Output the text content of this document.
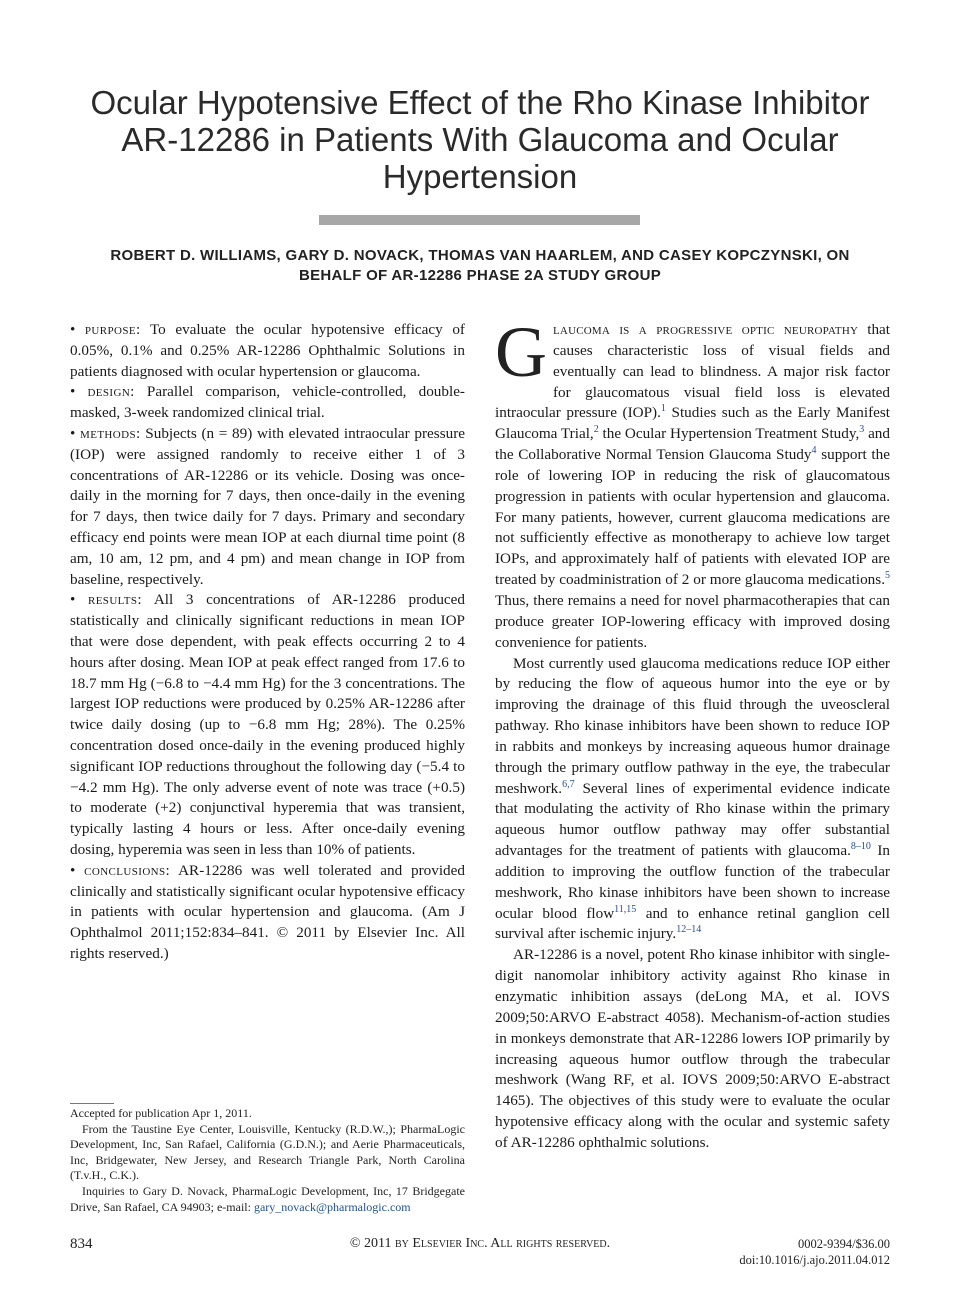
Ocular Hypotensive Effect of the Rho Kinase Inhibitor AR-12286 in Patients With Glaucoma and Ocular Hypertension
ROBERT D. WILLIAMS, GARY D. NOVACK, THOMAS VAN HAARLEM, AND CASEY KOPCZYNSKI, ON BEHALF OF AR-12286 PHASE 2A STUDY GROUP

• purpose: To evaluate the ocular hypotensive efficacy of 0.05%, 0.1% and 0.25% AR-12286 Ophthalmic Solutions in patients diagnosed with ocular hypertension or glaucoma.

• design: Parallel comparison, vehicle-controlled, double-masked, 3-week randomized clinical trial.

• methods: Subjects (n = 89) with elevated intraocular pressure (IOP) were assigned randomly to receive either 1 of 3 concentrations of AR-12286 or its vehicle. Dosing was once-daily in the morning for 7 days, then once-daily in the evening for 7 days, then twice daily for 7 days. Primary and secondary efficacy end points were mean IOP at each diurnal time point (8 am, 10 am, 12 pm, and 4 pm) and mean change in IOP from baseline, respectively.

• results: All 3 concentrations of AR-12286 produced statistically and clinically significant reductions in mean IOP that were dose dependent, with peak effects occurring 2 to 4 hours after dosing. Mean IOP at peak effect ranged from 17.6 to 18.7 mm Hg (−6.8 to −4.4 mm Hg) for the 3 concentrations. The largest IOP reductions were produced by 0.25% AR-12286 after twice daily dosing (up to −6.8 mm Hg; 28%). The 0.25% concentration dosed once-daily in the evening produced highly significant IOP reductions throughout the following day (−5.4 to −4.2 mm Hg). The only adverse event of note was trace (+0.5) to moderate (+2) conjunctival hyperemia that was transient, typically lasting 4 hours or less. After once-daily evening dosing, hyperemia was seen in less than 10% of patients.

• conclusions: AR-12286 was well tolerated and provided clinically and statistically significant ocular hypotensive efficacy in patients with ocular hypertension and glaucoma. (Am J Ophthalmol 2011;152:834–841. © 2011 by Elsevier Inc. All rights reserved.)

Accepted for publication Apr 1, 2011.

From the Taustine Eye Center, Louisville, Kentucky (R.D.W.,); PharmaLogic Development, Inc, San Rafael, California (G.D.N.); and Aerie Pharmaceuticals, Inc, Bridgewater, New Jersey, and Research Triangle Park, North Carolina (T.v.H., C.K.).

Inquiries to Gary D. Novack, PharmaLogic Development, Inc, 17 Bridgegate Drive, San Rafael, CA 94903; e-mail: gary_novack@pharmalogic.com

Glaucoma is a progressive optic neuropathy that causes characteristic loss of visual fields and eventually can lead to blindness. A major risk factor for glaucomatous visual field loss is elevated intraocular pressure (IOP).$^1$ Studies such as the Early Manifest Glaucoma Trial,$^2$ the Ocular Hypertension Treatment Study,$^3$ and the Collaborative Normal Tension Glaucoma Study$^4$ support the role of lowering IOP in reducing the risk of glaucomatous progression in patients with ocular hypertension and glaucoma. For many patients, however, current glaucoma medications are not sufficiently effective as monotherapy to achieve low target IOPs, and approximately half of patients with elevated IOP are treated by coadministration of 2 or more glaucoma medications.$^5$ Thus, there remains a need for novel pharmacotherapies that can produce greater IOP-lowering efficacy with improved dosing convenience for patients.

Most currently used glaucoma medications reduce IOP either by reducing the flow of aqueous humor into the eye or by improving the drainage of this fluid through the uveoscleral pathway. Rho kinase inhibitors have been shown to reduce IOP in rabbits and monkeys by increasing aqueous humor drainage through the primary outflow pathway in the eye, the trabecular meshwork.$^{6,7}$ Several lines of experimental evidence indicate that modulating the activity of Rho kinase within the primary aqueous humor outflow pathway may offer substantial advantages for the treatment of patients with glaucoma.$^{8-10}$ In addition to improving the outflow function of the trabecular meshwork, Rho kinase inhibitors have been shown to increase ocular blood flow$^{11,15}$ and to enhance retinal ganglion cell survival after ischemic injury.$^{12-14}$

AR-12286 is a novel, potent Rho kinase inhibitor with single-digit nanomolar inhibitory activity against Rho kinase in enzymatic inhibition assays (deLong MA, et al. IOVS 2009;50:ARVO E-abstract 4058). Mechanism-of-action studies in monkeys demonstrate that AR-12286 lowers IOP primarily by increasing aqueous humor outflow through the trabecular meshwork (Wang RF, et al. IOVS 2009;50:ARVO E-abstract 1465). The objectives of this study were to evaluate the ocular hypotensive efficacy along with the ocular and systemic safety of AR-12286 ophthalmic solutions.

834	© 2011 by Elsevier Inc. All rights reserved.	0002-9394/$36.00
doi:10.1016/j.ajo.2011.04.012
